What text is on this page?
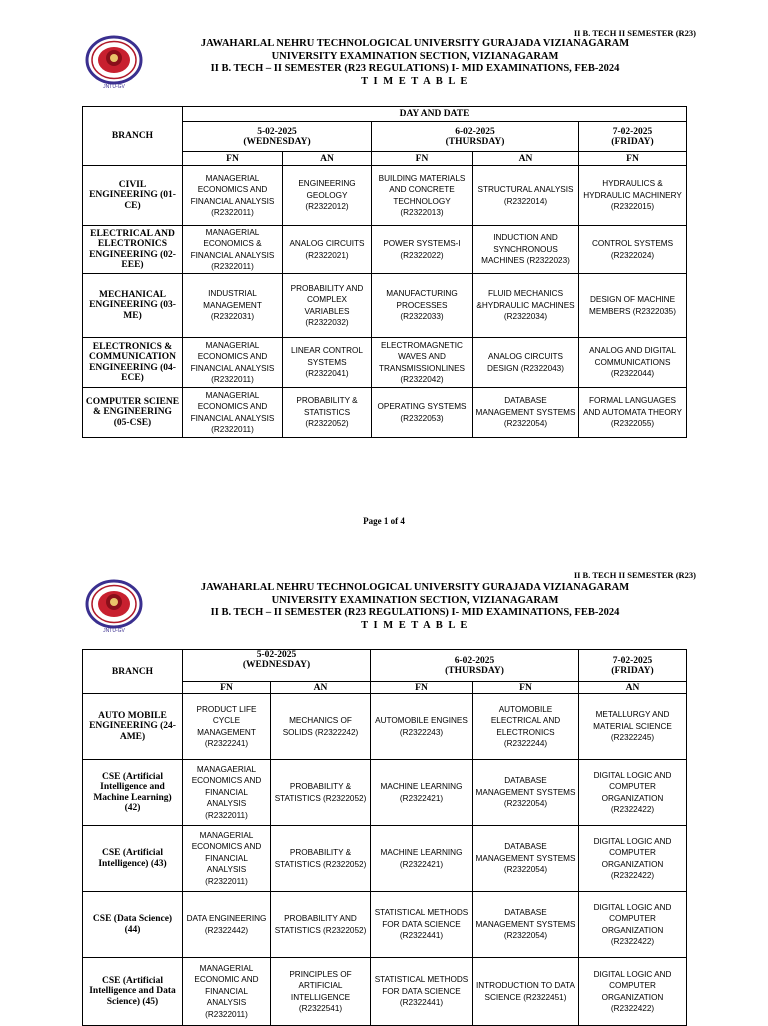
II B. TECH II SEMESTER (R23)
JNTU-GV
JAWAHARLAL NEHRU TECHNOLOGICAL UNIVERSITY GURAJADA VIZIANAGARAM
UNIVERSITY EXAMINATION SECTION, VIZIANAGARAM
II B. TECH – II SEMESTER (R23 REGULATIONS) I- MID EXAMINATIONS, FEB-2024
T I M E T A B L E
BRANCH	DAY AND DATE				
	5-02-2025
(WEDNESDAY)		6-02-2025
(THURSDAY)		7-02-2025
(FRIDAY)
	FN	AN	FN	AN	FN
CIVIL ENGINEERING (01-CE)	MANAGERIAL ECONOMICS AND FINANCIAL ANALYSIS (R2322011)	ENGINEERING GEOLOGY (R2322012)	BUILDING MATERIALS AND CONCRETE TECHNOLOGY (R2322013)	STRUCTURAL ANALYSIS (R2322014)	HYDRAULICS & HYDRAULIC MACHINERY (R2322015)
ELECTRICAL AND ELECTRONICS ENGINEERING (02-EEE)	MANAGERIAL ECONOMICS & FINANCIAL ANALYSIS (R2322011)	ANALOG CIRCUITS (R2322021)	POWER SYSTEMS-I (R2322022)	INDUCTION AND SYNCHRONOUS MACHINES (R2322023)	CONTROL SYSTEMS (R2322024)
MECHANICAL ENGINEERING (03-ME)	INDUSTRIAL MANAGEMENT (R2322031)	PROBABILITY AND COMPLEX VARIABLES (R2322032)	MANUFACTURING PROCESSES (R2322033)	FLUID MECHANICS &HYDRAULIC MACHINES (R2322034)	DESIGN OF MACHINE MEMBERS (R2322035)
ELECTRONICS & COMMUNICATION ENGINEERING (04-ECE)	MANAGERIAL ECONOMICS AND FINANCIAL ANALYSIS (R2322011)	LINEAR CONTROL SYSTEMS (R2322041)	ELECTROMAGNETIC WAVES AND TRANSMISSIONLINES (R2322042)	ANALOG CIRCUITS DESIGN (R2322043)	ANALOG AND DIGITAL COMMUNICATIONS (R2322044)
COMPUTER SCIENE & ENGINEERING (05-CSE)	MANAGERIAL ECONOMICS AND FINANCIAL ANALYSIS (R2322011)	PROBABILITY & STATISTICS (R2322052)	OPERATING SYSTEMS (R2322053)	DATABASE MANAGEMENT SYSTEMS (R2322054)	FORMAL LANGUAGES AND AUTOMATA THEORY (R2322055)
Page 1 of 4
II B. TECH II SEMESTER (R23)
JNTU-GV
JAWAHARLAL NEHRU TECHNOLOGICAL UNIVERSITY GURAJADA VIZIANAGARAM
UNIVERSITY EXAMINATION SECTION, VIZIANAGARAM
II B. TECH – II SEMESTER (R23 REGULATIONS) I- MID EXAMINATIONS, FEB-2024
T I M E T A B L E
BRANCH	5-02-2025
(WEDNESDAY)		6-02-2025
(THURSDAY)		7-02-2025
(FRIDAY)
	FN	AN	FN	FN	AN
AUTO MOBILE ENGINEERING (24-AME)	PRODUCT LIFE CYCLE MANAGEMENT (R2322241)	MECHANICS OF SOLIDS (R2322242)	AUTOMOBILE ENGINES (R2322243)	AUTOMOBILE ELECTRICAL AND ELECTRONICS (R2322244)	METALLURGY AND MATERIAL SCIENCE (R2322245)
CSE (Artificial Intelligence and Machine Learning) (42)	MANAGAERIAL ECONOMICS AND FINANCIAL ANALYSIS (R2322011)	PROBABILITY & STATISTICS (R2322052)	MACHINE LEARNING (R2322421)	DATABASE MANAGEMENT SYSTEMS (R2322054)	DIGITAL LOGIC AND COMPUTER ORGANIZATION (R2322422)
CSE (Artificial Intelligence) (43)	MANAGERIAL ECONOMICS AND FINANCIAL ANALYSIS (R2322011)	PROBABILITY & STATISTICS (R2322052)	MACHINE LEARNING (R2322421)	DATABASE MANAGEMENT SYSTEMS (R2322054)	DIGITAL LOGIC AND COMPUTER ORGANIZATION (R2322422)
CSE (Data Science) (44)	DATA ENGINEERING (R2322442)	PROBABILITY AND STATISTICS (R2322052)	STATISTICAL METHODS FOR DATA SCIENCE (R2322441)	DATABASE MANAGEMENT SYSTEMS (R2322054)	DIGITAL LOGIC AND COMPUTER ORGANIZATION (R2322422)
CSE (Artificial Intelligence and Data Science) (45)	MANAGERIAL ECONOMIC AND FINANCIAL ANALYSIS (R2322011)	PRINCIPLES OF ARTIFICIAL INTELLIGENCE (R2322541)	STATISTICAL METHODS FOR DATA SCIENCE (R2322441)	INTRODUCTION TO DATA SCIENCE (R2322451)	DIGITAL LOGIC AND COMPUTER ORGANIZATION (R2322422)
